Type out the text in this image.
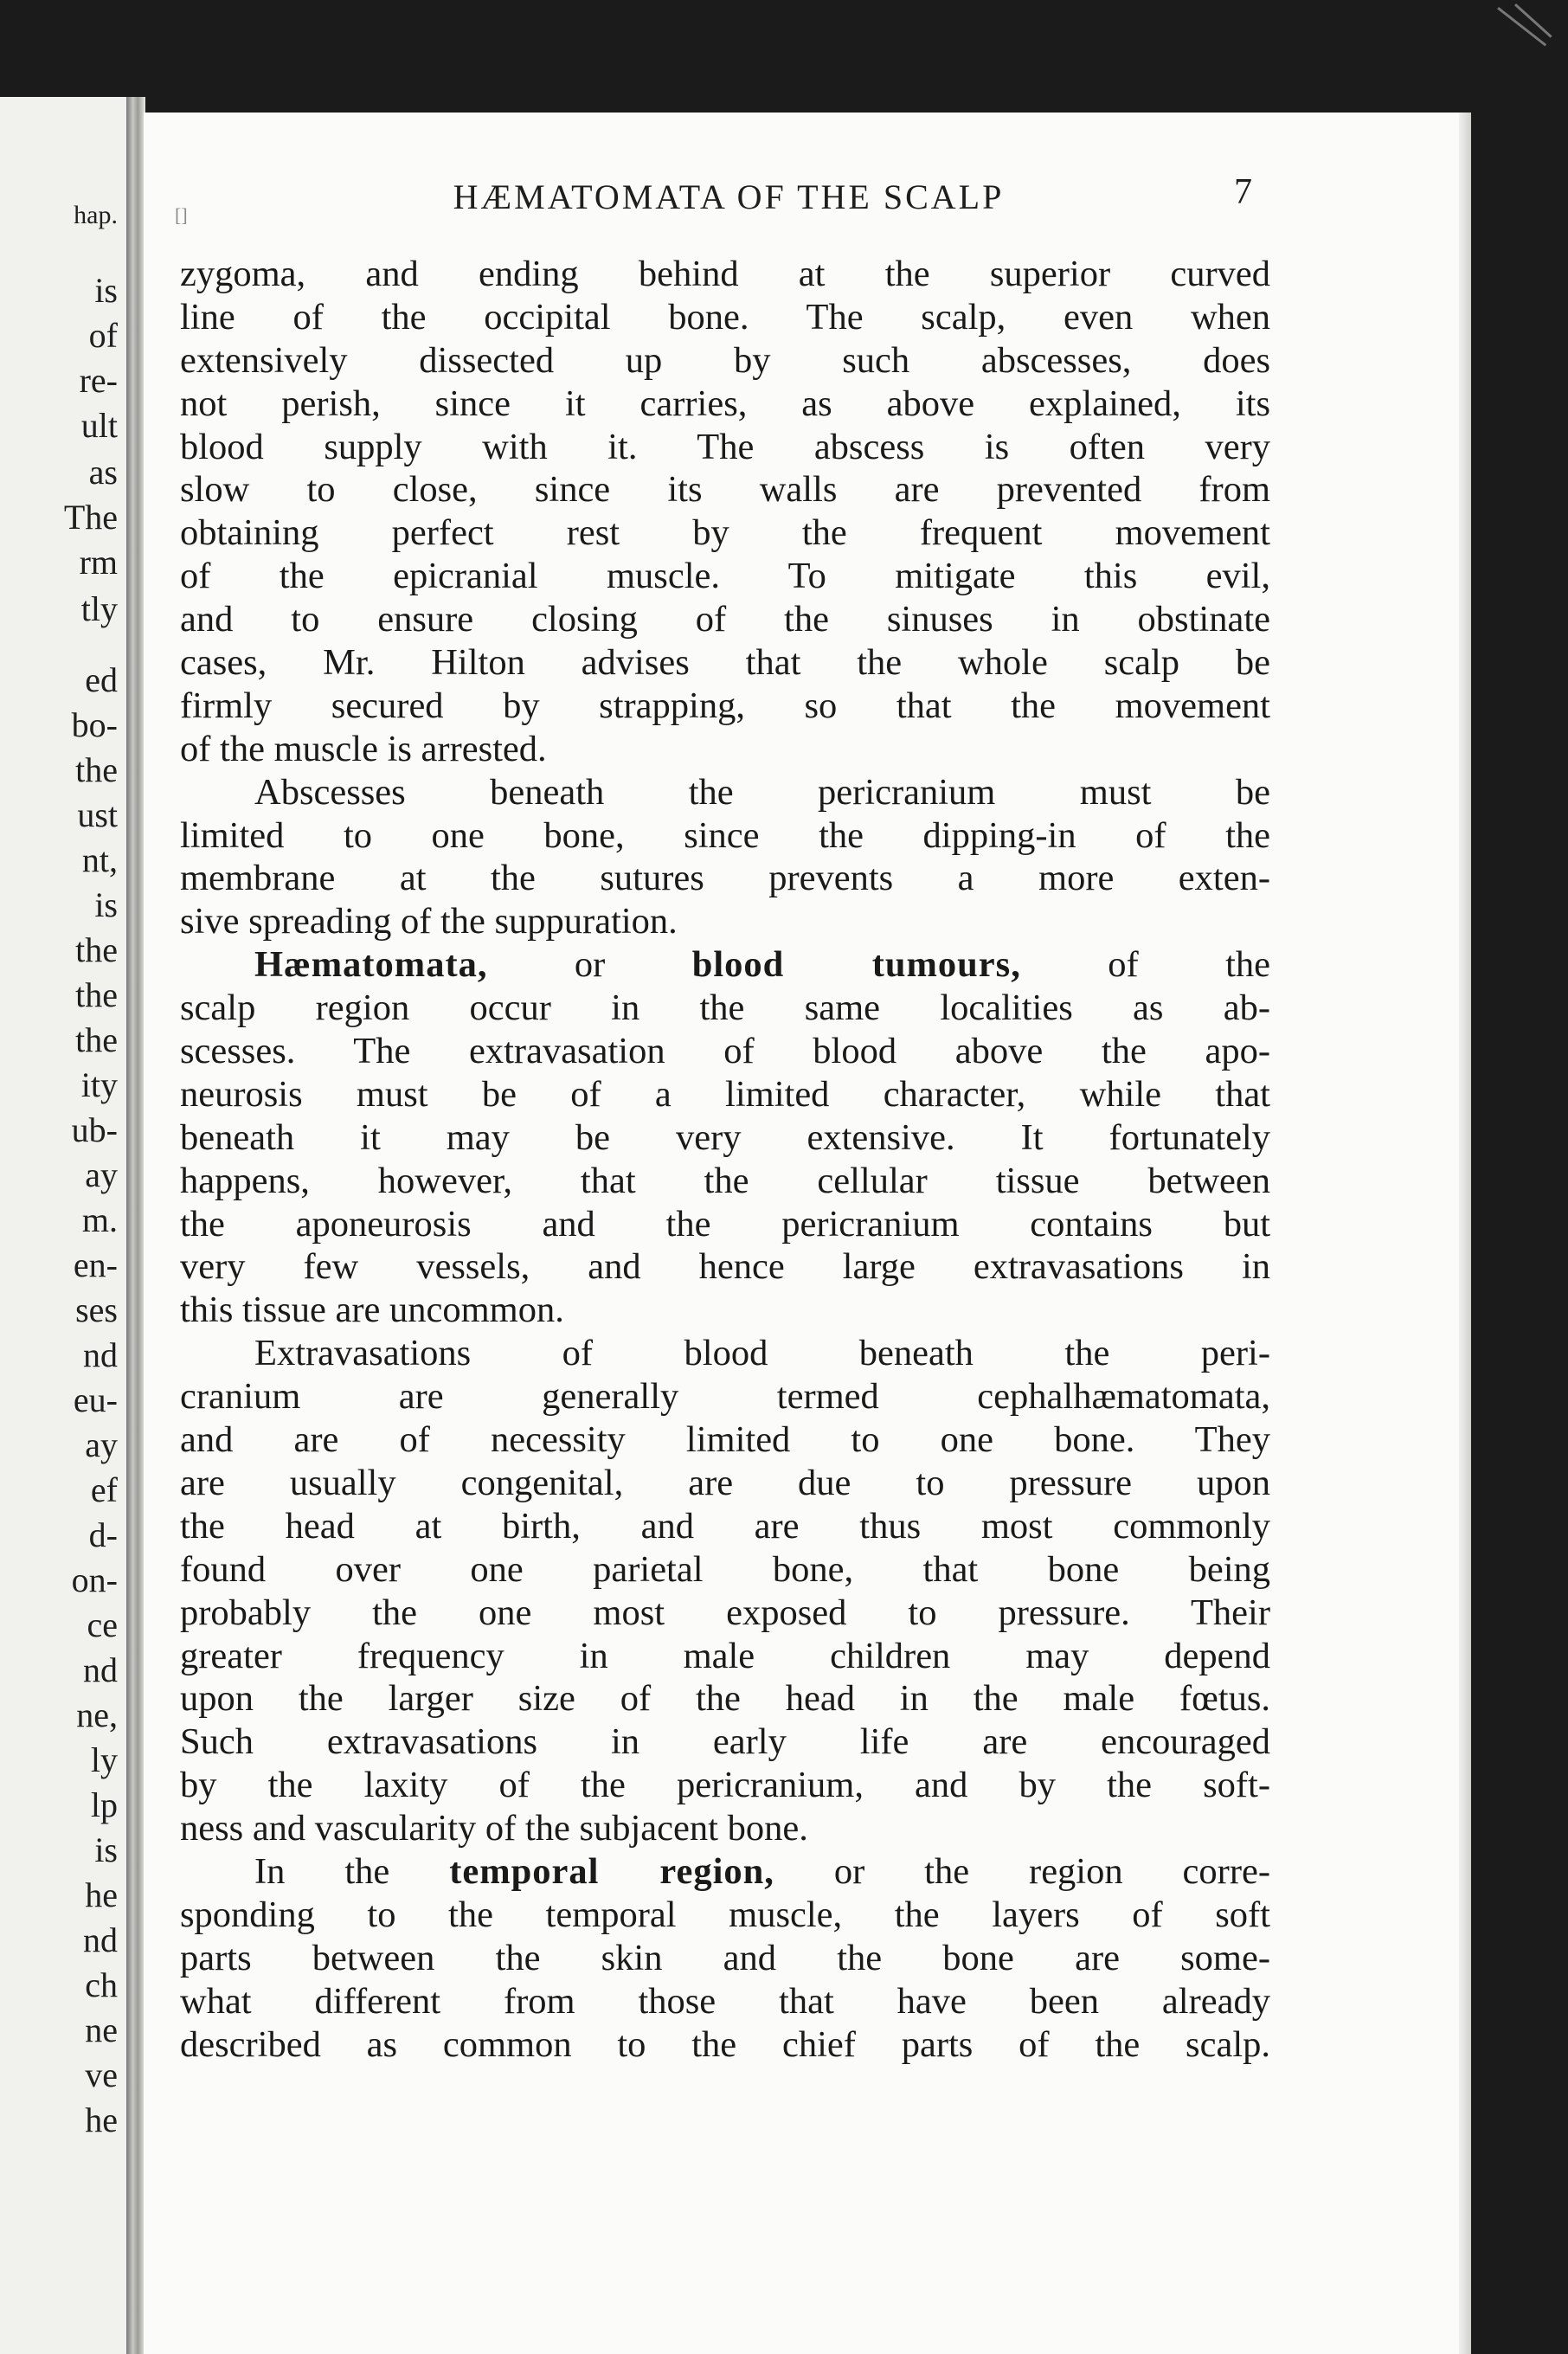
hap.
is
of
re-
ult
as
The
rm
tly
ed
bo-
the
ust
nt,
is
the
the
the
ity
ub-
ay
m.
en-
ses
nd
eu-
ay
ef
d-
on-
ce
nd
ne,
ly
lp
is
he
nd
ch
ne
ve
he
[]	HÆMATOMATA OF THE SCALP	7
zygoma, and ending behind at the superior curved
line of the occipital bone. The scalp, even when
extensively dissected up by such abscesses, does
not perish, since it carries, as above explained, its
blood supply with it. The abscess is often very
slow to close, since its walls are prevented from
obtaining perfect rest by the frequent movement
of the epicranial muscle. To mitigate this evil,
and to ensure closing of the sinuses in obstinate
cases, Mr. Hilton advises that the whole scalp be
firmly secured by strapping, so that the movement
of the muscle is arrested.
Abscesses beneath the pericranium must be
limited to one bone, since the dipping-in of the
membrane at the sutures prevents a more exten-
sive spreading of the suppuration.
Hæmatomata, or blood tumours, of the
scalp region occur in the same localities as ab-
scesses. The extravasation of blood above the apo-
neurosis must be of a limited character, while that
beneath it may be very extensive. It fortunately
happens, however, that the cellular tissue between
the aponeurosis and the pericranium contains but
very few vessels, and hence large extravasations in
this tissue are uncommon.
Extravasations of blood beneath the peri-
cranium are generally termed cephalhæmatomata,
and are of necessity limited to one bone. They
are usually congenital, are due to pressure upon
the head at birth, and are thus most commonly
found over one parietal bone, that bone being
probably the one most exposed to pressure. Their
greater frequency in male children may depend
upon the larger size of the head in the male fœtus.
Such extravasations in early life are encouraged
by the laxity of the pericranium, and by the soft-
ness and vascularity of the subjacent bone.
In the temporal region, or the region corre-
sponding to the temporal muscle, the layers of soft
parts between the skin and the bone are some-
what different from those that have been already
described as common to the chief parts of the scalp.
